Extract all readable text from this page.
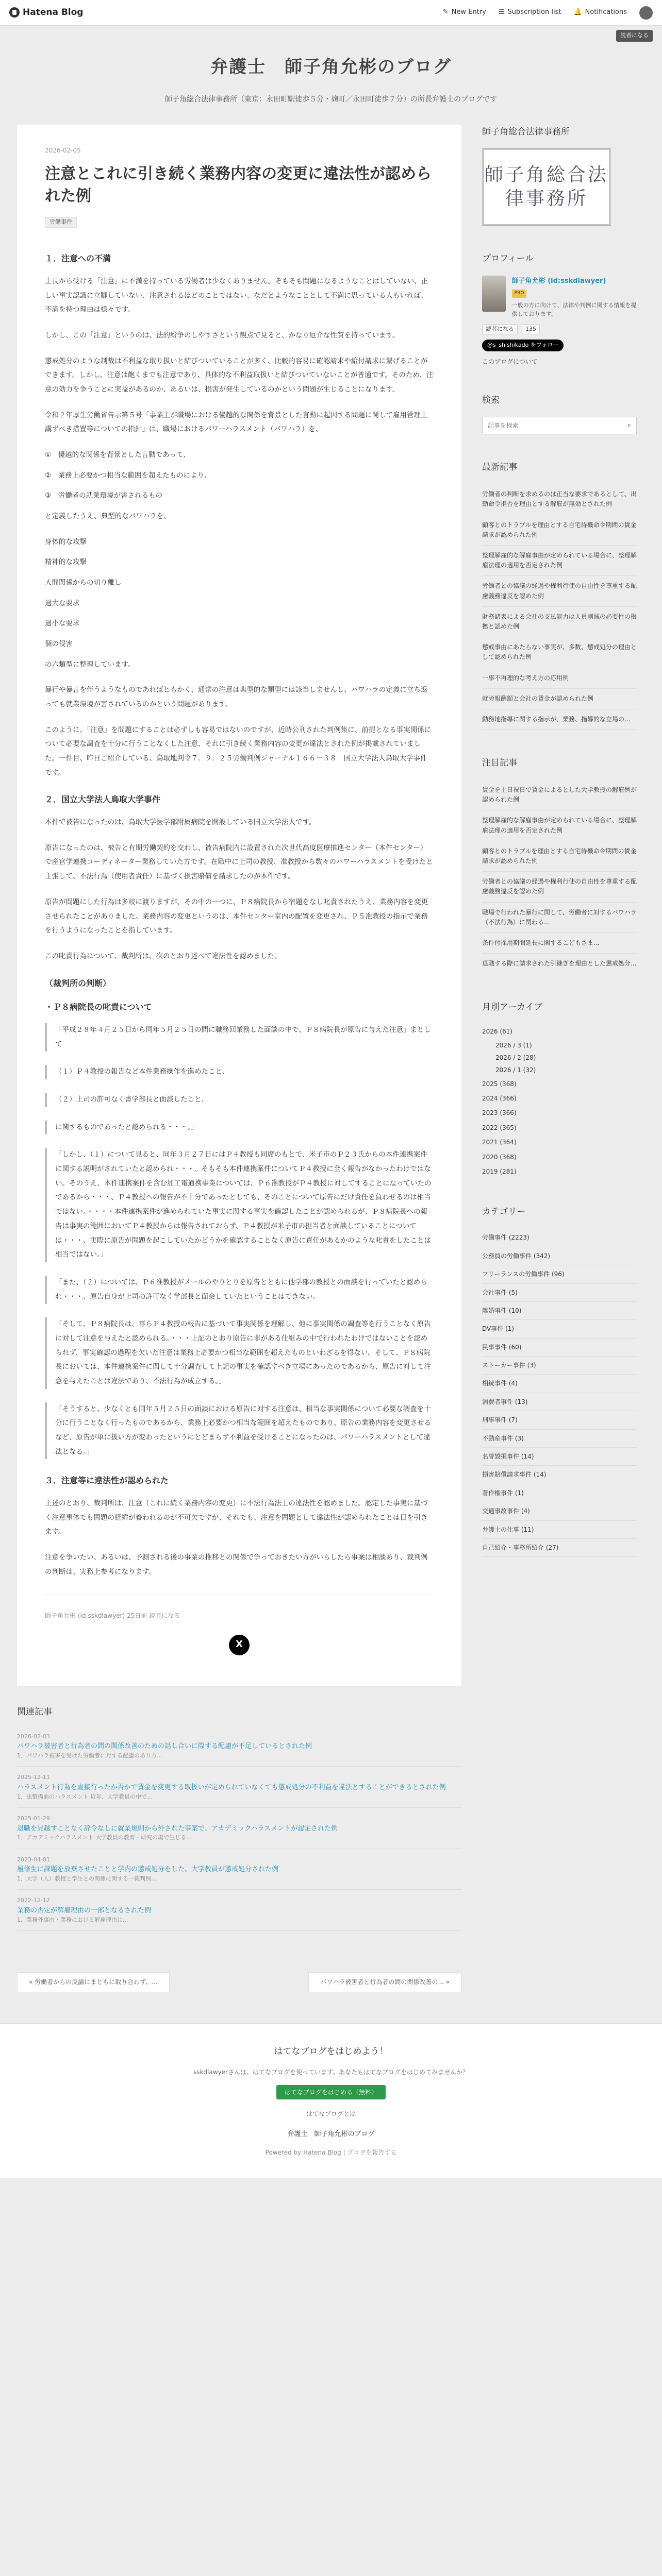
Hatena Blog	✎ New Entry ☰ Subscription list 🔔 Notifications
読者になる
弁護士　師子角允彬のブログ

師子角総合法律事務所（東京：永田町駅徒歩５分・麹町／永田町徒歩７分）の所長弁護士のブログです

2026-02-05
注意とこれに引き続く業務内容の変更に違法性が認められた例
労働事件
１．注意への不満

上長から受ける「注意」に不満を持っている労働者は少なくありません。そもそも問題になるようなことはしていない、正しい事実認識に立脚していない、注意されるほどのことではない、なだとようなこととして不満に思っている人もいれば、不満を持つ理由は様々です。

しかし、この「注意」というのは、法的紛争のしやすさという観点で見ると、かなり厄介な性質を持っています。

懲戒処分のような制裁は不利益な取り扱いと結びついていることが多く、比較的容易に確認請求や給付請求に繋げることができます。しかし、注意は飽くまでも注意であり、具体的な不利益取扱いと結びついていないことが普通です。そのため、注意の効力を争うことに実益があるのか、あるいは、損害が発生しているのかという問題が生じることになります。

令和２年厚生労働省告示第５号「事業主が職場における優越的な関係を背景とした言動に起因する問題に関して雇用管理上講ずべき措置等についての指針」は、職場におけるパワーハラスメント（パワハラ）を、

①　優越的な関係を背景とした言動であって、

②　業務上必要かつ相当な範囲を超えたものにより、

③　労働者の就業環境が害されるもの

と定義したうえ、典型的なパワハラを、

身体的な攻撃

精神的な攻撃

人間関係からの切り離し

過大な要求

過小な要求

個の侵害

の六類型に整理しています。

暴行や暴言を伴うようなものであればともかく、通常の注意は典型的な類型には該当しませんし、パワハラの定義に立ち返っても就業環境が害されているのかという問題があります。

このように、「注意」を問題にすることは必ずしも容易ではないのですが、近時公刊された判例集に、前提となる事実関係について必要な調査を十分に行うことなくした注意、それに引き続く業務内容の変更が違法とされた例が掲載されていました。一件目、昨日ご紹介している、鳥取地判令７．９．２５労働判例ジャーナル１６６－３８　国立大学法人鳥取大学事件です。

２．国立大学法人鳥取大学事件

本件で被告になったのは、鳥取大学医学部附属病院を開設している国立大学法人です。

原告になったのは、被告と有期労働契約を交わし、被告病院内に設置された次世代高度医療推進センター（本件センター）で産官学連携コーディネーター業務していた方です。在職中に上司の教授、准教授から数々のパワーハラスメントを受けたと主張して、不法行為（使用者責任）に基づく損害賠償を請求したのが本件です。

原告が問題にした行為は多岐に渡りますが、その中の一つに、Ｐ８病院長から宿題をなし叱責されたうえ、業務内容を変更させられたことがありました。業務内容の変更というのは、本件センター室内の配置を変更され、Ｐ５准教授の指示で業務を行うようになったことを指しています。

この叱責行為について、裁判所は、次のとおり述べて違法性を認めました。

（裁判所の判断）
・Ｐ８病院長の叱責について
「平成２８年４月２５日から同年５月２５日の間に職務回業務した面談の中で、Ｐ８病院長が原告に与えた注意」まとして
（１）Ｐ４教授の報告など本件業務操作を進めたこと、
（２）上司の許可なく書学部長と面談したこと、
に関するものであったと認められる・・・。」
「しかし、（１）について見ると、同年３月２７日にはＰ４教授も同席のもとで、米子市のＰ２３氏からの本件連携案件に関する説明がされていたと認められ・・・、そもそも本件連携案件についてＰ４教授に全く報告がなかったわけではない。そのうえ、本件連携案件を含む加工電通携事業については、Ｐ６准教授がＰ４教授に対してすることになっていたのであるから・・・、Ｐ４教授への報告が不十分であったとしても、そのことについて原告にだけ責任を負わせるのは相当ではない。・・・・本件連携案件が進められていた事実に関する事実を確認したことが認められるが、Ｐ８病院長への報告は事実の範囲においてＰ４教授からは報告されておらず、Ｐ４教授が米子市の担当者と面談していることについては・・・、実際に原告が問題を起こしていたかどうかを確認することなく原告に責任があるかのような叱責をしたことは相当ではない。」
「また、（２）については、Ｐ６准教授がメールのやりとりを原告とともに他学部の教授との面談を行っていたと認められ・・・、原告自身が上司の許可なく学部長と面会していたということはできない。
「そして、Ｐ８病院長は、専らＰ４教授の報告に基づいて事実関係を理解し、他に事実関係の調査等を行うことなく原告に対して注意を与えたと認められる。・・・上記のとおり原告に非がある仕組みの中で行われたわけではないことを認められず、事実確認の過程を欠いた注意は業務上必要かつ相当な範囲を超えたものといわざるを得ない。そして、Ｐ８病院長においては、本件連携案件に関して十分調査して上記の事実を確認すべき立場にあったのであるから、原告に対して注意を与えたことは違法であり、不法行為が成立する。」
「そうすると、少なくとも同年５月２５日の面談における原告に対する注意は、相当な事実関係について必要な調査を十分に行うことなく行ったものであるから、業務上必要かつ相当な範囲を超えたものであり、原告の業務内容を変更させるなど、原告が単に扱い方が変わったというにとどまらず不利益を受けることになったのは、パワーハラスメントとして違法となる。」
３．注意等に違法性が認められた

上述のとおり、裁判所は、注意（これに続く業務内容の変更）に不法行為法上の違法性を認めました。認定した事実に基づく注意事体でも問題の経緯が養われるのが不可欠ですが、それでも、注意を問題として違法性が認められたことは目を引きます。

注意を争いたい、あるいは、予測される後の事業の推移との関係で争っておきたい方がいらしたら事案は相談あり、裁判例の判断は、実務上参考になります。

師子角允彬 (id:sskdlawyer) 25日前 読者になる
X
関連記事
2026-02-03
パワハラ被害者と行為者の間の関係改善のための話し合いに際する配慮が不足しているとされた例
1．パワハラ被害を受けた労働者に対する配慮のあり方...
2025-12-11
ハラスメント行為を直接行ったか否かで賃金を変更する取扱いが定められていなくても懲戒処分の不利益を違法とすることができるとされた例
1．法整備前のハラスメント 近年、大学教員の中で...
2025-01-29
退職を見越すことなく辞令なしに就業規則から外された事案で、アカデミックハラスメントが認定された例
1．アカデミックハラスメント 大学教員の教育・研究の場で生じる...
2023-04-01
履修生に課題を放棄させたことと学内の懲戒処分をした、大学教員が懲戒処分された例
1．大学（人）教授と学生との関係に関する一裁判例...
2022-12-12
業務の否定が解雇理由の一部となるされた例
1．業務外事由・業務における解雇理由は...
« 労働者からの反論にまともに取り合わず、...	パワハラ被害者と行為者の間の関係改善の... »
師子角総合法律事務所
師子角総合法律事務所
プロフィール
師子角允彬 (id:sskdlawyer)
PRO
一般の方に向けて、法律や判例に関する情報を提供しております。
読者になる	135
@s_shishikado をフォロー
このブログについて
検索
記事を検索
⌕
最新記事
労働者の判断を求めるのは正当な要求であるとして、出勤命令拒否を理由とする解雇が無効とされた例
顧客とのトラブルを理由とする自宅待機命令期間の賃金請求が認められた例
整理解雇的な解雇事由が定められている場合に、整理解雇法理の適用を否定された例
労働者との協議の経過や権利行使の自由性を尊重する配慮義務違反を認めた例
財務諸表による会社の支払能力は人員削減の必要性の根拠と認めた例
懲戒事由にあたらない事実が、多数、懲戒処分の理由として認められた例
一事不再理的な考え方の応用例
就労報酬額と会社の賃金が認められた例
動務地指導に関する指示が、業務、指導的な立場の...
注目記事
賃金を土日祝日で賃金によるとした大学教授の解雇例が認められた例
整理解雇的な解雇事由が定められている場合に、整理解雇法理の適用を否定された例
顧客とのトラブルを理由とする自宅待機命令期間の賃金請求が認められた例
労働者との協議の経過や権利行使の自由性を尊重する配慮義務違反を認めた例
職場で行われた暴行に関して、労働者に対するパワハラ（不法行為）に関わる...
条件付採用期間延長に関するこどもさま...
退職する際に請求された引継ぎを理由とした懲戒処分...
月別アーカイブ
2026 (61)
2026 / 3 (1)
2026 / 2 (28)
2026 / 1 (32)
2025 (368)
2024 (366)
2023 (366)
2022 (365)
2021 (364)
2020 (368)
2019 (281)
カテゴリー
労働事件 (2223)
公務員の労働事件 (342)
フリーランスの労働事件 (96)
会社事件 (5)
離婚事件 (10)
DV事件 (1)
民事事件 (60)
ストーカー事件 (3)
相続事件 (4)
消費者事件 (13)
刑事事件 (7)
不動産事件 (3)
名誉毀損事件 (14)
損害賠償請求事件 (14)
著作権事件 (1)
交通事故事件 (4)
弁護士の仕事 (11)
自己紹介・事務所紹介 (27)
はてなブログをはじめよう！
sskdlawyerさんは、はてなブログを使っています。あなたもはてなブログをはじめてみませんか？
はてなブログをはじめる（無料）
はてなブログとは
弁護士　師子角允彬のブログ
Powered by Hatena Blog | ブログを報告する
